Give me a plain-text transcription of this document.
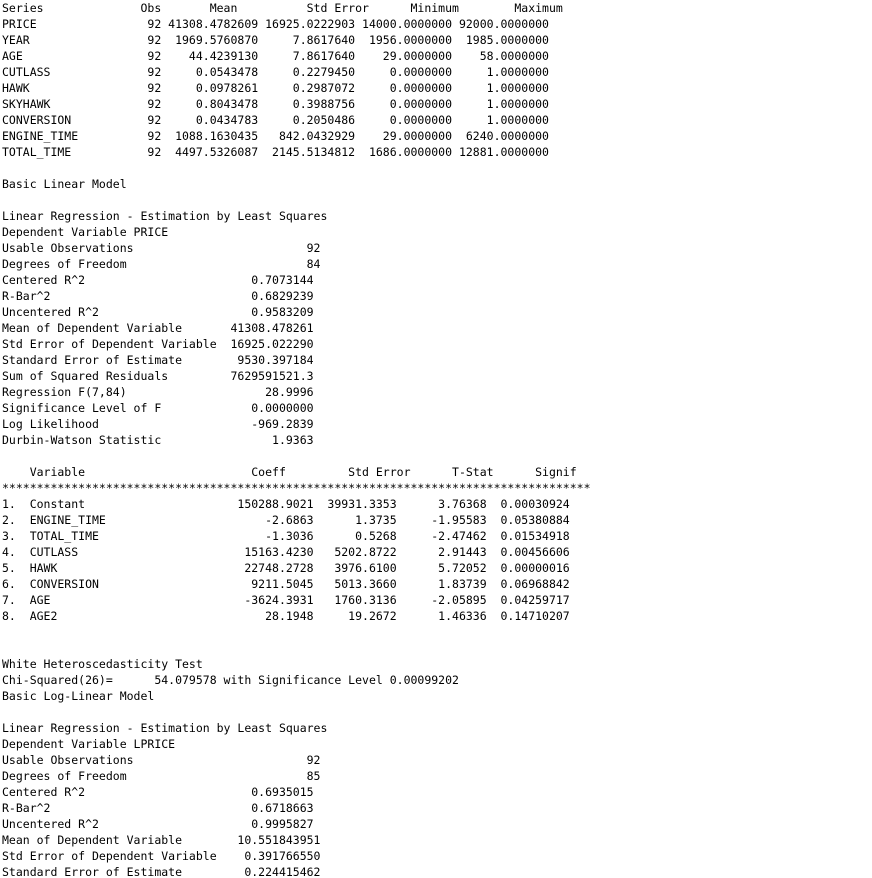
Series              Obs       Mean          Std Error      Minimum        Maximum
PRICE                92 41308.4782609 16925.0222903 14000.0000000 92000.0000000
YEAR                 92  1969.5760870     7.8617640  1956.0000000  1985.0000000
AGE                  92    44.4239130     7.8617640    29.0000000    58.0000000
CUTLASS              92     0.0543478     0.2279450     0.0000000     1.0000000
HAWK                 92     0.0978261     0.2987072     0.0000000     1.0000000
SKYHAWK              92     0.8043478     0.3988756     0.0000000     1.0000000
CONVERSION           92     0.0434783     0.2050486     0.0000000     1.0000000
ENGINE_TIME          92  1088.1630435   842.0432929    29.0000000  6240.0000000
TOTAL_TIME           92  4497.5326087  2145.5134812  1686.0000000 12881.0000000
Basic Linear Model
Linear Regression - Estimation by Least Squares
Dependent Variable PRICE
Usable Observations                         92
Degrees of Freedom                          84
Centered R^2                        0.7073144
R-Bar^2                             0.6829239
Uncentered R^2                      0.9583209
Mean of Dependent Variable       41308.478261
Std Error of Dependent Variable  16925.022290
Standard Error of Estimate        9530.397184
Sum of Squared Residuals         7629591521.3
Regression F(7,84)                    28.9996
Significance Level of F             0.0000000
Log Likelihood                      -969.2839
Durbin-Watson Statistic                1.9363
Variable                        Coeff         Std Error      T-Stat      Signif
*************************************************************************************
1.  Constant                      150288.9021  39931.3353      3.76368  0.00030924
2.  ENGINE_TIME                       -2.6863      1.3735     -1.95583  0.05380884
3.  TOTAL_TIME                        -1.3036      0.5268     -2.47462  0.01534918
4.  CUTLASS                        15163.4230   5202.8722      2.91443  0.00456606
5.  HAWK                           22748.2728   3976.6100      5.72052  0.00000016
6.  CONVERSION                      9211.5045   5013.3660      1.83739  0.06968842
7.  AGE                            -3624.3931   1760.3136     -2.05895  0.04259717
8.  AGE2                              28.1948     19.2672      1.46336  0.14710207
White Heteroscedasticity Test
Chi-Squared(26)=      54.079578 with Significance Level 0.00099202
Basic Log-Linear Model
Linear Regression - Estimation by Least Squares
Dependent Variable LPRICE
Usable Observations                         92
Degrees of Freedom                          85
Centered R^2                        0.6935015
R-Bar^2                             0.6718663
Uncentered R^2                      0.9995827
Mean of Dependent Variable        10.551843951
Std Error of Dependent Variable    0.391766550
Standard Error of Estimate         0.224415462
